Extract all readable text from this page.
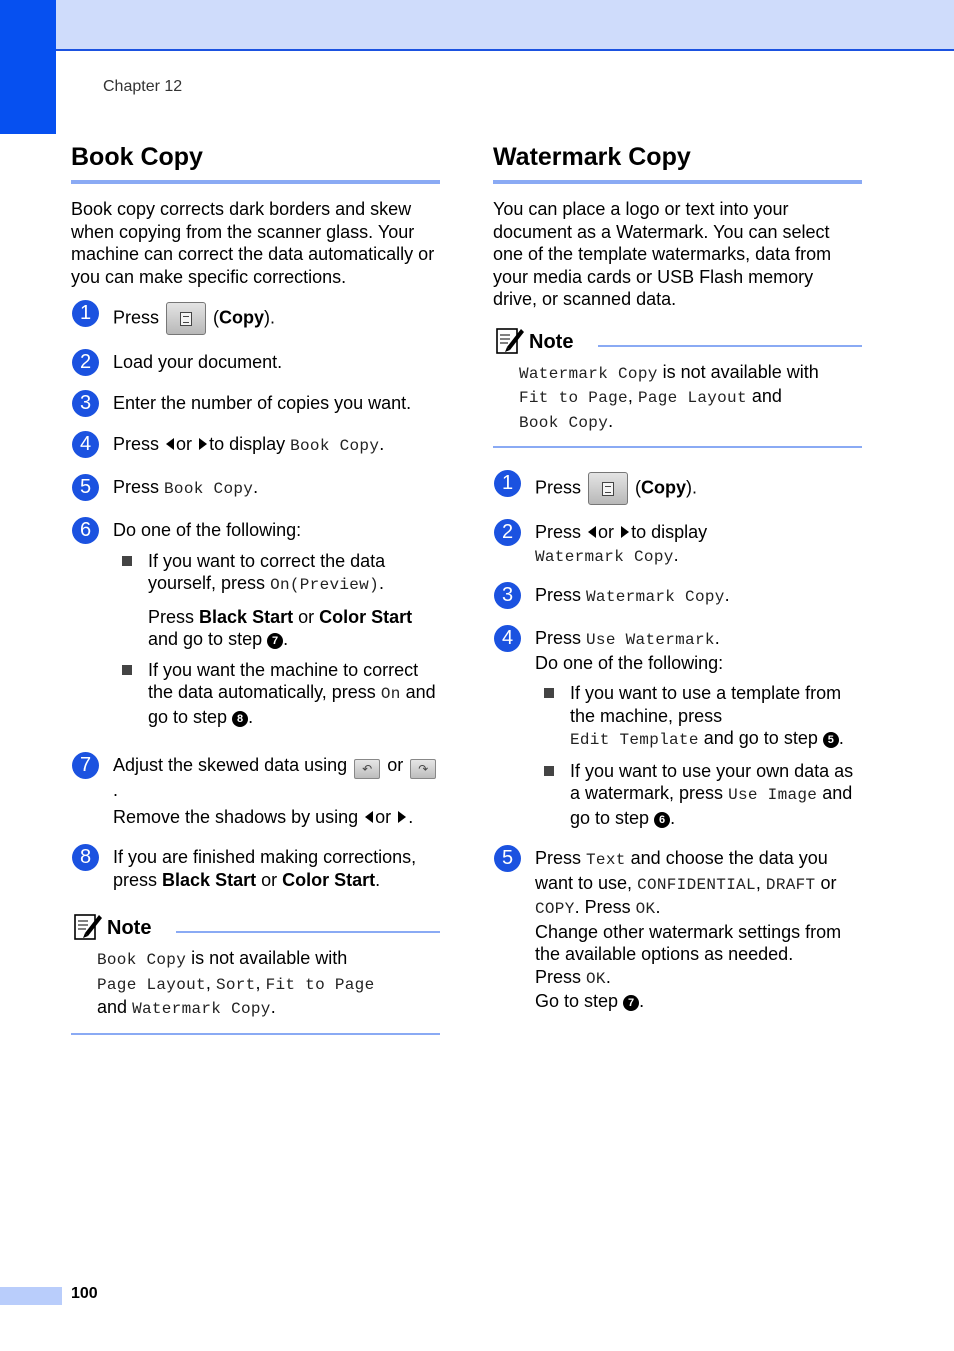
Chapter 12
Book Copy

Book copy corrects dark borders and skew when copying from the scanner glass. Your machine can correct the data automatically or you can make specific corrections.

1	Press	(Copy).
2	Load your document.
3	Enter the number of copies you want.
4	Press or to display Book Copy.
5	Press Book Copy.
6	Do one of the following:
If you want to correct the data yourself, press On(Preview).
Press Black Start or Color Start and go to step 7 .
If you want the machine to correct the data automatically, press On and go to step 8 .
7	Adjust the skewed data using ↶ or ↷.
Remove the shadows by using or .
8	If you are finished making corrections, press Black Start or Color Start.
Note
Book Copy is not available with
Page Layout, Sort, Fit to Page
and Watermark Copy.
Watermark Copy

You can place a logo or text into your document as a Watermark. You can select one of the template watermarks, data from your media cards or USB Flash memory drive, or scanned data.

Note
Watermark Copy is not available with
Fit to Page, Page Layout and
Book Copy.
1	Press	(Copy).
2	Press or to display
Watermark Copy.
3	Press Watermark Copy.
4	Press Use Watermark.
Do one of the following:
If you want to use a template from the machine, press
Edit Template and go to step 5 .
If you want to use your own data as a watermark, press Use Image and go to step 6 .
5	Press Text and choose the data you want to use, CONFIDENTIAL, DRAFT or COPY. Press OK.
Change other watermark settings from the available options as needed.
Press OK.
Go to step 7 .
100
